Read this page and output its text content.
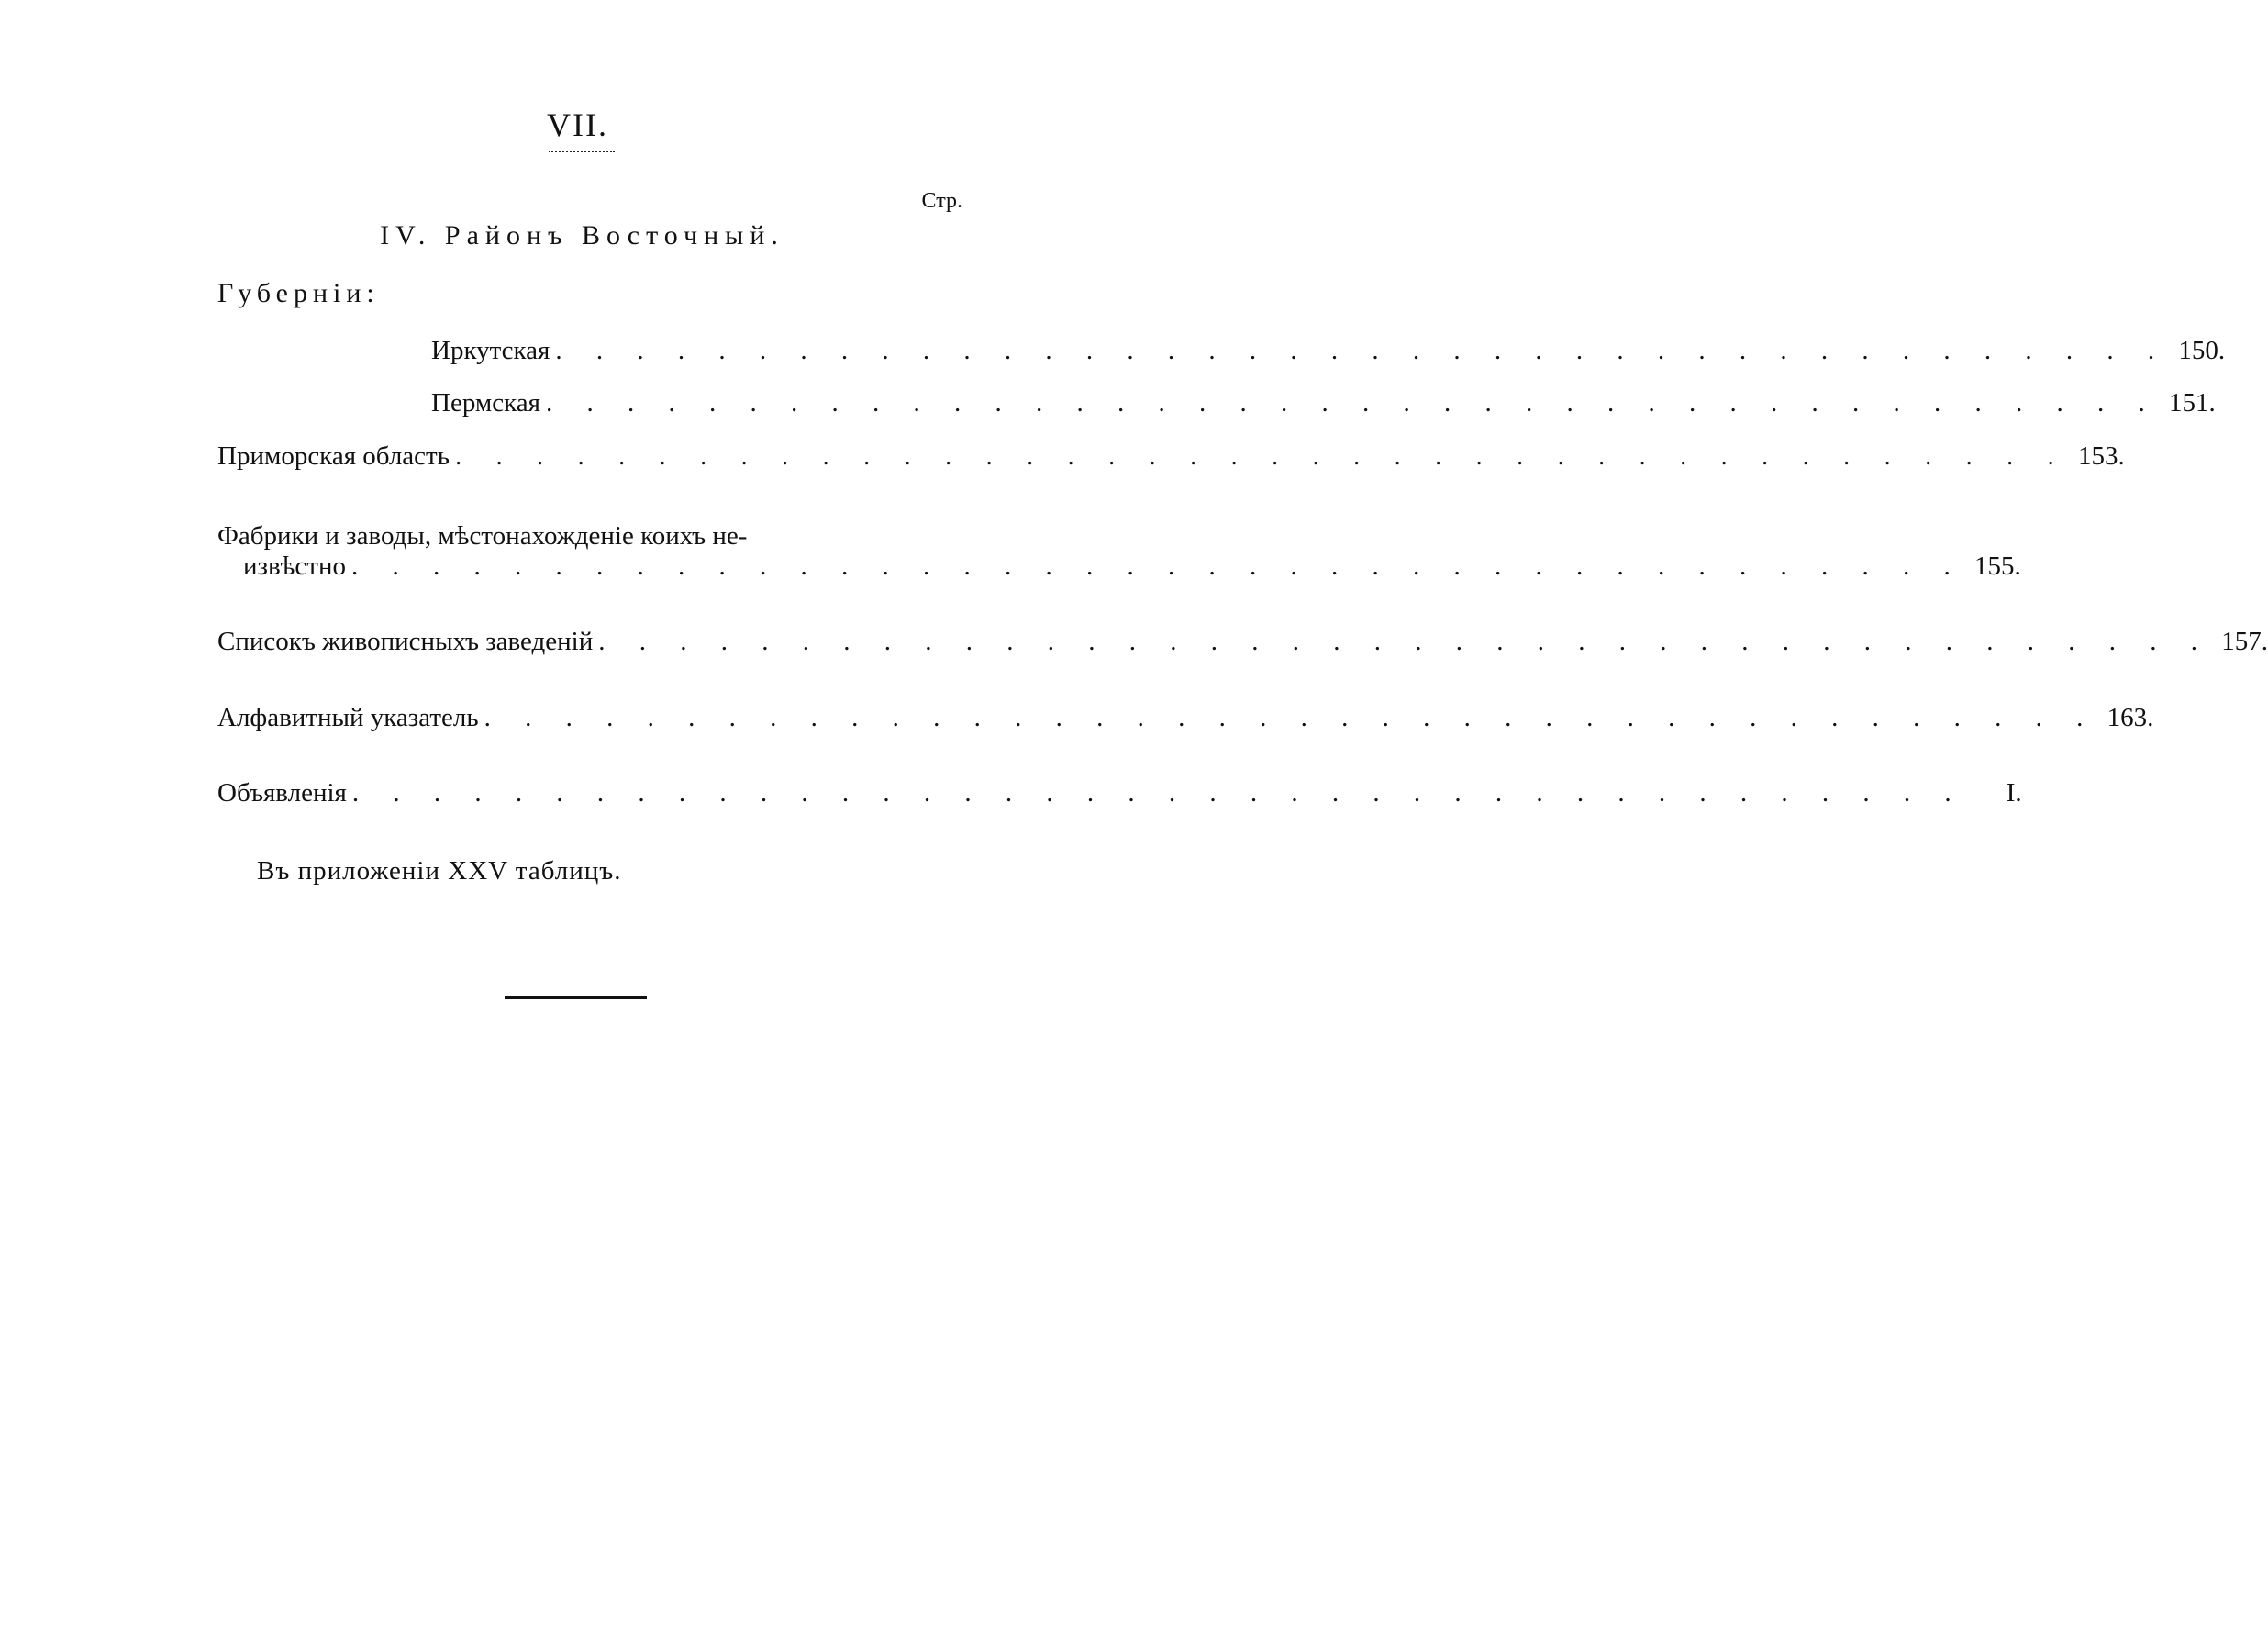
VII.
Стр.
IV. Районъ Восточный.
Губерніи:
Иркутская . . . . . . . . . . . . . . . . . . . . . . . . . . . . . . . . . . . . . . . . 150.
Пермская . . . . . . . . . . . . . . . . . . . . . . . . . . . . . . . . . . . . . . . . 151.
Приморская область . . . . . . . . . . . . . . . . . . . . . . . . . . . . . . . . . . . . . . . . 153.
Фабрики и заводы, мѣстонахожденіе коихъ не-
извѣстно . . . . . . . . . . . . . . . . . . . . . . . . . . . . . . . . . . . . . . . . 155.
Списокъ живописныхъ заведеній . . . . . . . . . . . . . . . . . . . . . . . . . . . . . . . . . . . . . . . . 157.
Алфавитный указатель . . . . . . . . . . . . . . . . . . . . . . . . . . . . . . . . . . . . . . . . 163.
Объявленія . . . . . . . . . . . . . . . . . . . . . . . . . . . . . . . . . . . . . . . .	I.
Въ приложеніи XXV таблицъ.
